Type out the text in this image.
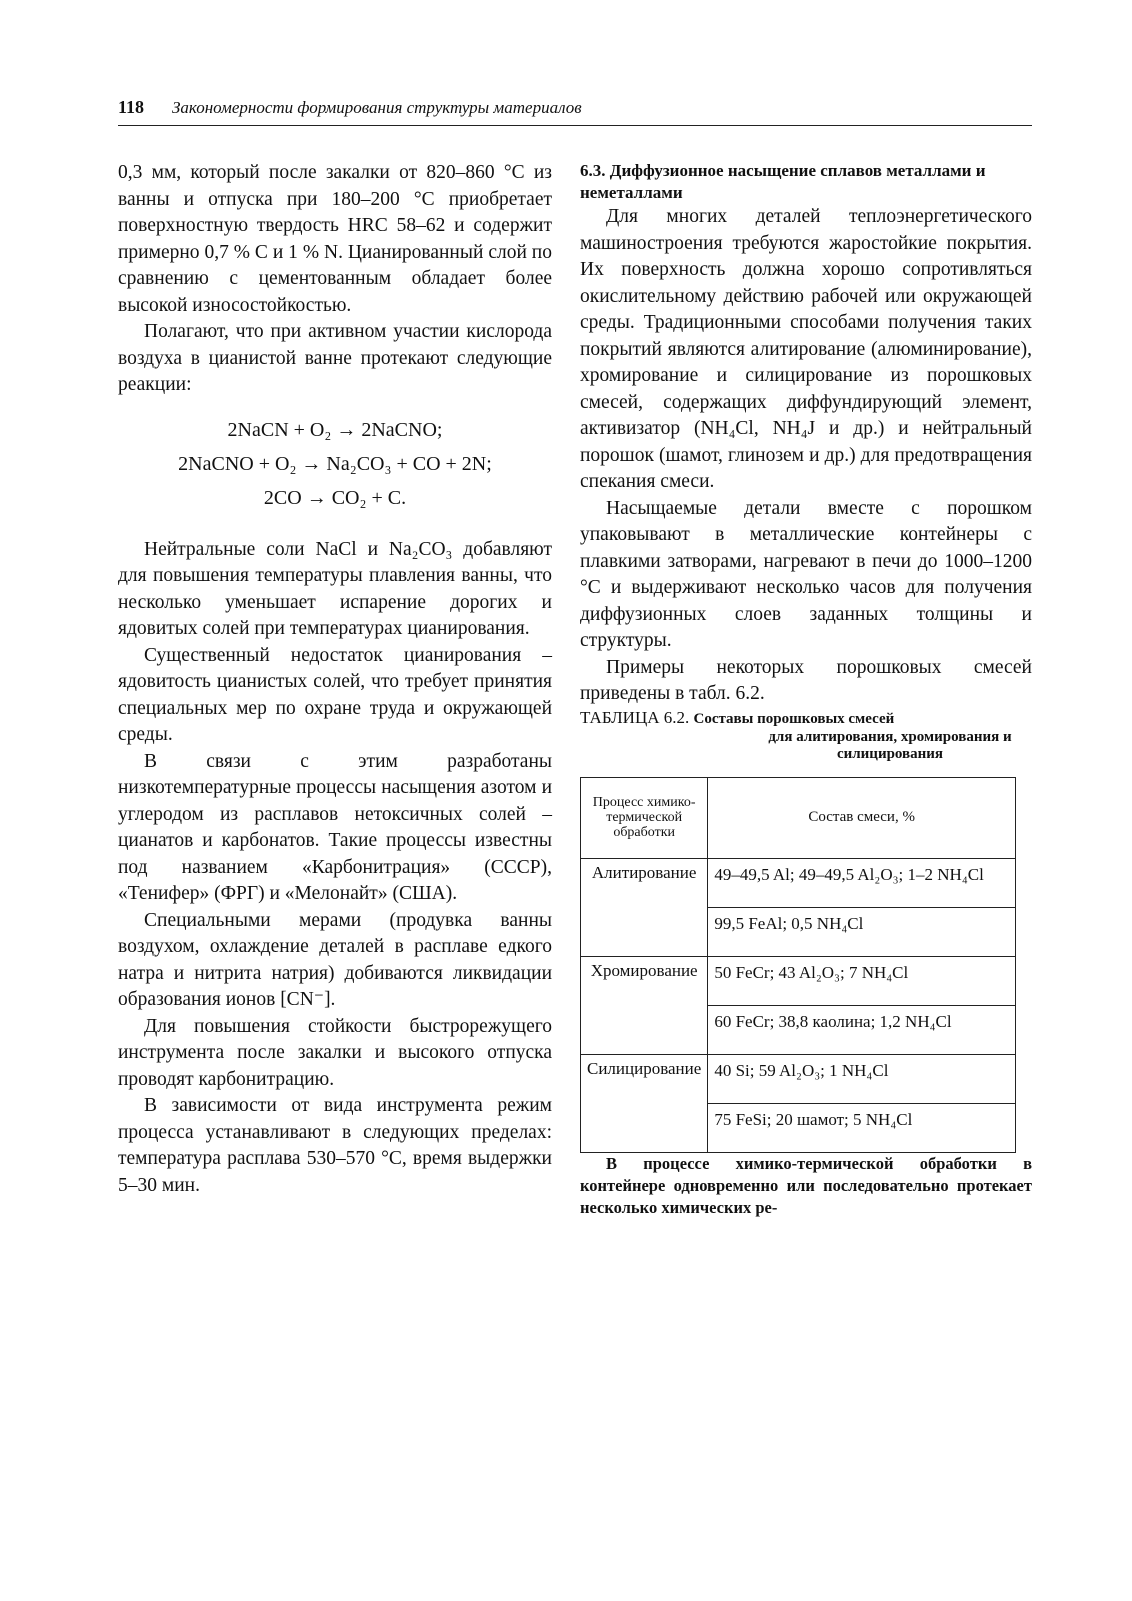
118 Закономерности формирования структуры материалов

0,3 мм, который после закалки от 820–860 °С из ванны и отпуска при 180–200 °С приобретает поверхностную твердость HRC 58–62 и содержит примерно 0,7 % С и 1 % N. Цианированный слой по сравнению с цементованным обладает более высокой износостойкостью.

Полагают, что при активном участии кислорода воздуха в цианистой ванне протекают следующие реакции:

2NaCN + O₂ → 2NaCNO;

2NaCNO + O₂ → Na₂CO₃ + CO + 2N;

2CO → CO₂ + C.

Нейтральные соли NaCl и Na₂CO₃ добавляют для повышения температуры плавления ванны, что несколько уменьшает испарение дорогих и ядовитых солей при температурах цианирования.

Существенный недостаток цианирования – ядовитость цианистых солей, что требует принятия специальных мер по охране труда и окружающей среды.

В связи с этим разработаны низкотемпературные процессы насыщения азотом и углеродом из расплавов нетоксичных солей – цианатов и карбонатов. Такие процессы известны под названием «Карбонитрация» (СССР), «Тенифер» (ФРГ) и «Мелонайт» (США).

Специальными мерами (продувка ванны воздухом, охлаждение деталей в расплаве едкого натра и нитрита натрия) добиваются ликвидации образования ионов [CN⁻].

Для повышения стойкости быстрорежущего инструмента после закалки и высокого отпуска проводят карбонитрацию.

В зависимости от вида инструмента режим процесса устанавливают в следующих пределах: температура расплава 530–570 °С, время выдержки 5–30 мин.

6.3. Диффузионное насыщение сплавов металлами и неметаллами

Для многих деталей теплоэнергетического машиностроения требуются жаростойкие покрытия. Их поверхность должна хорошо сопротивляться окислительному действию рабочей или окружающей среды. Традиционными способами получения таких покрытий являются алитирование (алюминирование), хромирование и силицирование из порошковых смесей, содержащих диффундирующий элемент, активизатор (NH₄Cl, NH₄J и др.) и нейтральный порошок (шамот, глинозем и др.) для предотвращения спекания смеси.

Насыщаемые детали вместе с порошком упаковывают в металлические контейнеры с плавкими затворами, нагревают в печи до 1000–1200 °С и выдерживают несколько часов для получения диффузионных слоев заданных толщины и структуры.

Примеры некоторых порошковых смесей приведены в табл. 6.2.

ТАБЛИЦА 6.2. Составы порошковых смесей
для алитирования, хромирования и силицирования

Процесс химико-термической обработки	Состав смеси, %
Алитирование	49–49,5 Al; 49–49,5 Al₂O₃; 1–2 NH₄Cl
	99,5 FeAl; 0,5 NH₄Cl
Хромирование	50 FeCr; 43 Al₂O₃; 7 NH₄Cl
	60 FeCr; 38,8 каолина; 1,2 NH₄Cl
Силицирование	40 Si; 59 Al₂O₃; 1 NH₄Cl
	75 FeSi; 20 шамот; 5 NH₄Cl

В процессе химико-термической обработки в контейнере одновременно или последовательно протекает несколько химических ре-
